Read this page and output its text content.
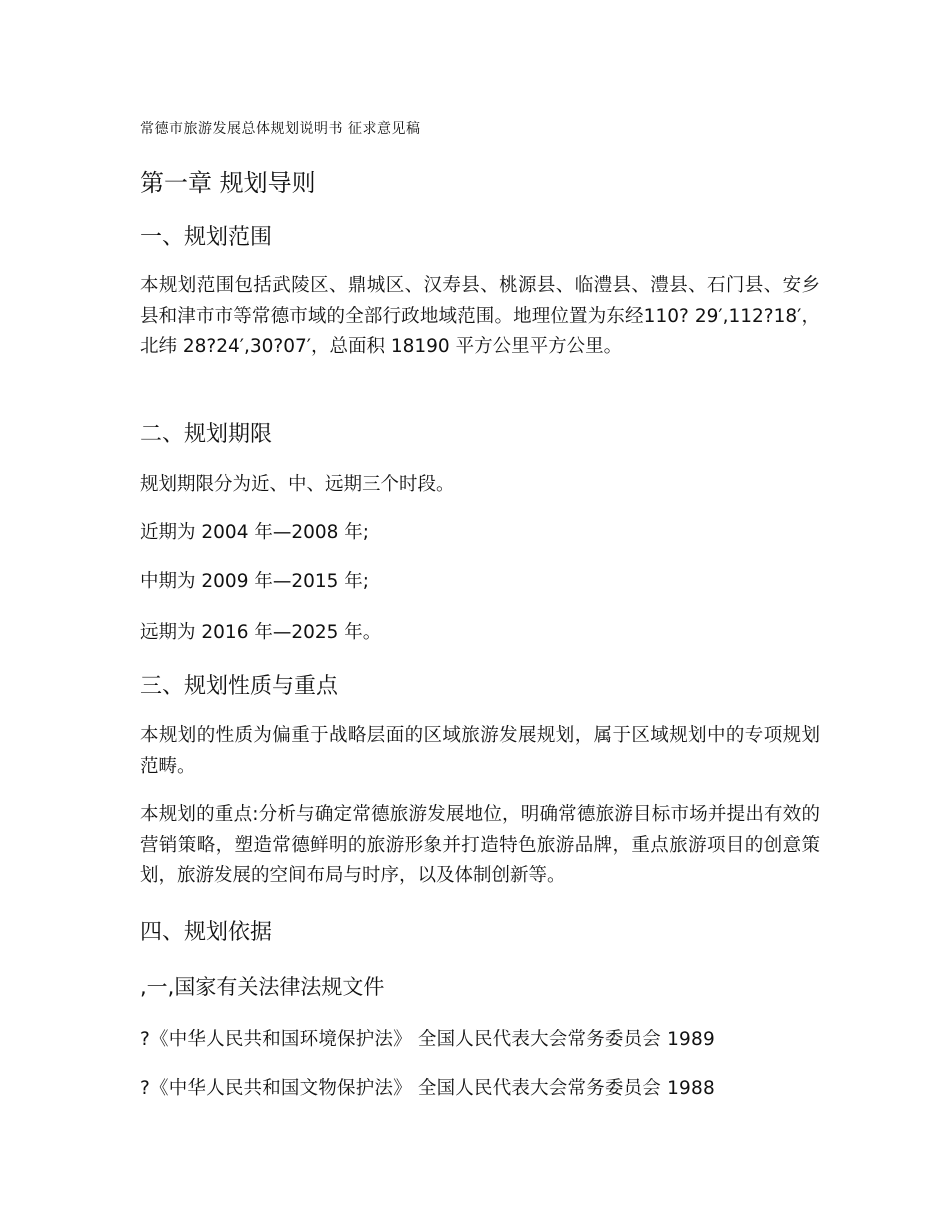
常德市旅游发展总体规划说明书 征求意见稿
第一章 规划导则
一、规划范围

本规划范围包括武陵区、鼎城区、汉寿县、桃源县、临澧县、澧县、石门县、安乡县和津市市等常德市域的全部行政地域范围。地理位置为东经110? 29′,112?18′，北纬 28?24′,30?07′，总面积 18190 平方公里平方公里。

二、规划期限

规划期限分为近、中、远期三个时段。

近期为 2004 年—2008 年;

中期为 2009 年—2015 年;

远期为 2016 年—2025 年。

三、规划性质与重点

本规划的性质为偏重于战略层面的区域旅游发展规划，属于区域规划中的专项规划范畴。

本规划的重点:分析与确定常德旅游发展地位，明确常德旅游目标市场并提出有效的营销策略，塑造常德鲜明的旅游形象并打造特色旅游品牌，重点旅游项目的创意策划，旅游发展的空间布局与时序，以及体制创新等。

四、规划依据
,一,国家有关法律法规文件

?《中华人民共和国环境保护法》 全国人民代表大会常务委员会 1989

?《中华人民共和国文物保护法》 全国人民代表大会常务委员会 1988
